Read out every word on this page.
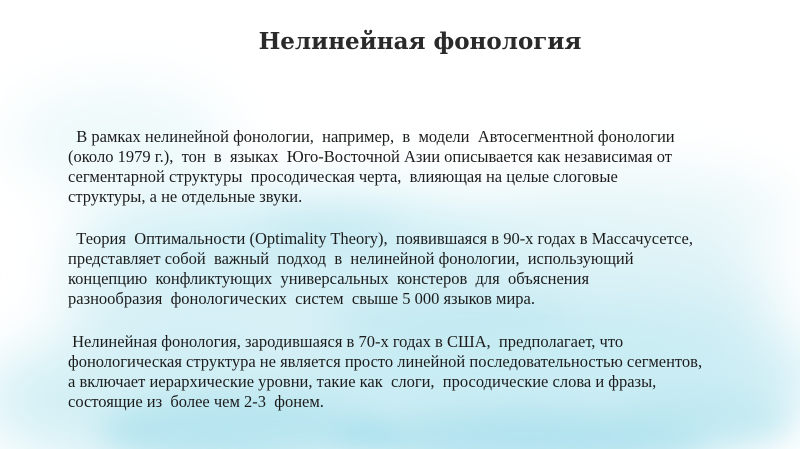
Нелинейная фонология

В рамках нелинейной фонологии,  например,  в  модели  Автосегментной фонологии
(около 1979 г.),  тон  в  языках  Юго-Восточной Азии описывается как независимая от
сегментарной структуры  просодическая черта,  влияющая на целые слоговые
структуры, а не отдельные звуки.

Теория  Оптимальности (Optimality Theory),  появившаяся в 90-х годах в Массачусетсе,
представляет собой  важный  подход  в  нелинейной фонологии,  использующий
концепцию  конфликтующих  универсальных  констеров  для  объяснения
разнообразия  фонологических  систем  свыше 5 000 языков мира.

Нелинейная фонология, зародившаяся в 70-х годах в США,  предполагает, что
фонологическая структура не является просто линейной последовательностью сегментов,
а включает иерархические уровни, такие как  слоги,  просодические слова и фразы,
состоящие из  более чем 2-3  фонем.
